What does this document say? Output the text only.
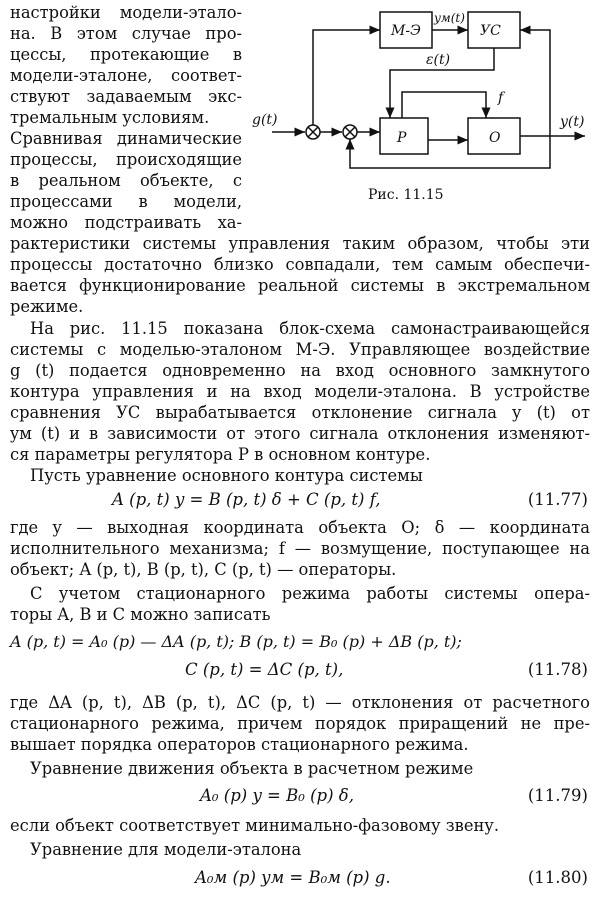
настройки модели-этало-
на. В этом случае про-
цессы, протекающие в
модели-эталоне, соответ-
ствуют задаваемым экс-
тремальным условиям.
Сравнивая динамические
процессы, происходящие
в реальном объекте, с
процессами в модели,
можно подстраивать ха-
М-Э	УС
P	O
g(t)
yм(t)
ε(t)
f
y(t)
Рис. 11.15
рактеристики системы управления таким образом, чтобы эти
процессы достаточно близко совпадали, тем самым обеспечи-
вается функционирование реальной системы в экстремальном
режиме.
На рис. 11.15 показана блок-схема самонастраивающейся
системы с моделью-эталоном М-Э. Управляющее воздействие
g (t) подается одновременно на вход основного замкнутого
контура управления и на вход модели-эталона. В устройстве
сравнения УС вырабатывается отклонение сигнала y (t) от
yм (t) и в зависимости от этого сигнала отклонения изменяют-
ся параметры регулятора P в основном контуре.
Пусть уравнение основного контура системы
A (p, t) y = B (p, t) δ + C (p, t) f,	(11.77)
где y — выходная координата объекта O; δ — координата
исполнительного механизма; f — возмущение, поступающее на
объект; A (p, t), B (p, t), C (p, t) — операторы.
С учетом стационарного режима работы системы опера-
торы A, B и C можно записать
A (p, t) = A₀ (p) — ΔA (p, t); B (p, t) = B₀ (p) + ΔB (p, t);
C (p, t) = ΔC (p, t),	(11.78)
где ΔA (p, t), ΔB (p, t), ΔC (p, t) — отклонения от расчетного
стационарного режима, причем порядок приращений не пре-
вышает порядка операторов стационарного режима.
Уравнение движения объекта в расчетном режиме
A₀ (p) y = B₀ (p) δ,	(11.79)
если объект соответствует минимально-фазовому звену.
Уравнение для модели-эталона
A₀м (p) yм = B₀м (p) g.	(11.80)
